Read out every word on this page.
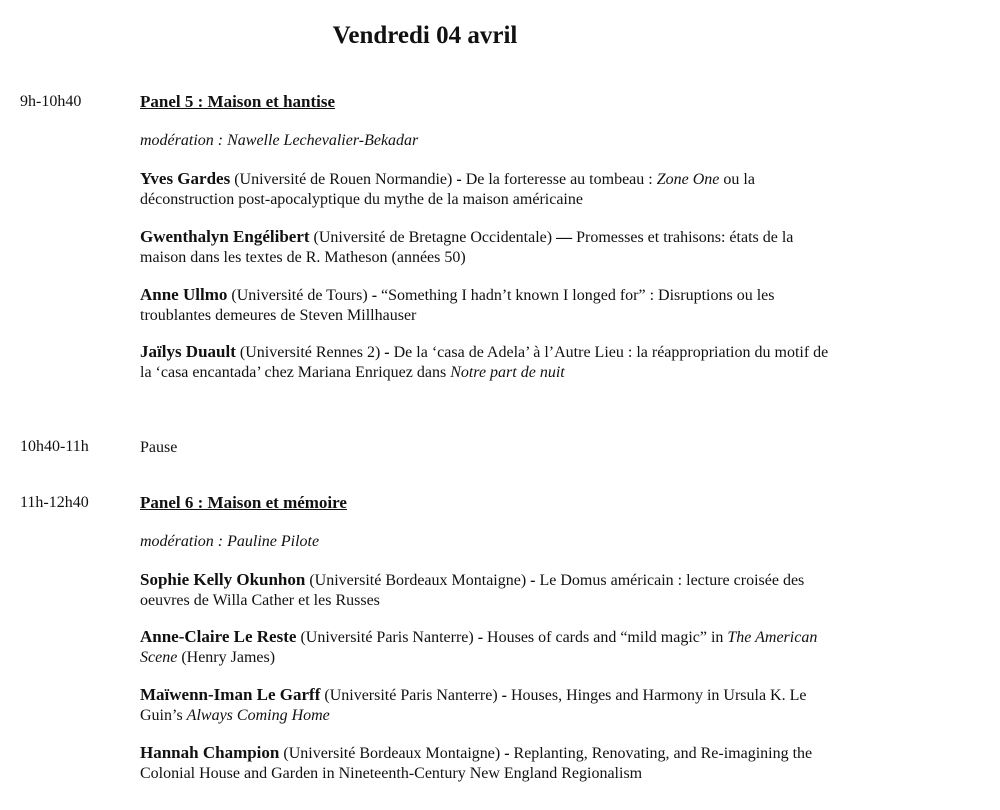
Vendredi 04 avril
9h-10h40	Panel 5 : Maison et hantise
modération : Nawelle Lechevalier-Bekadar
Yves Gardes (Université de Rouen Normandie) - De la forteresse au tombeau : Zone One ou la déconstruction post-apocalyptique du mythe de la maison américaine
Gwenthalyn Engélibert (Université de Bretagne Occidentale) — Promesses et trahisons: états de la maison dans les textes de R. Matheson (années 50)
Anne Ullmo (Université de Tours) - “Something I hadn’t known I longed for” : Disruptions ou les troublantes demeures de Steven Millhauser
Jaïlys Duault (Université Rennes 2) - De la ‘casa de Adela’ à l’Autre Lieu : la réappropriation du motif de la ‘casa encantada’ chez Mariana Enriquez dans Notre part de nuit
10h40-11h	Pause
11h-12h40	Panel 6 : Maison et mémoire
modération : Pauline Pilote
Sophie Kelly Okunhon (Université Bordeaux Montaigne) - Le Domus américain : lecture croisée des oeuvres de Willa Cather et les Russes
Anne-Claire Le Reste (Université Paris Nanterre) - Houses of cards and “mild magic” in The American Scene (Henry James)
Maïwenn-Iman Le Garff (Université Paris Nanterre) - Houses, Hinges and Harmony in Ursula K. Le Guin’s Always Coming Home
Hannah Champion (Université Bordeaux Montaigne) - Replanting, Renovating, and Re-imagining the Colonial House and Garden in Nineteenth-Century New England Regionalism
